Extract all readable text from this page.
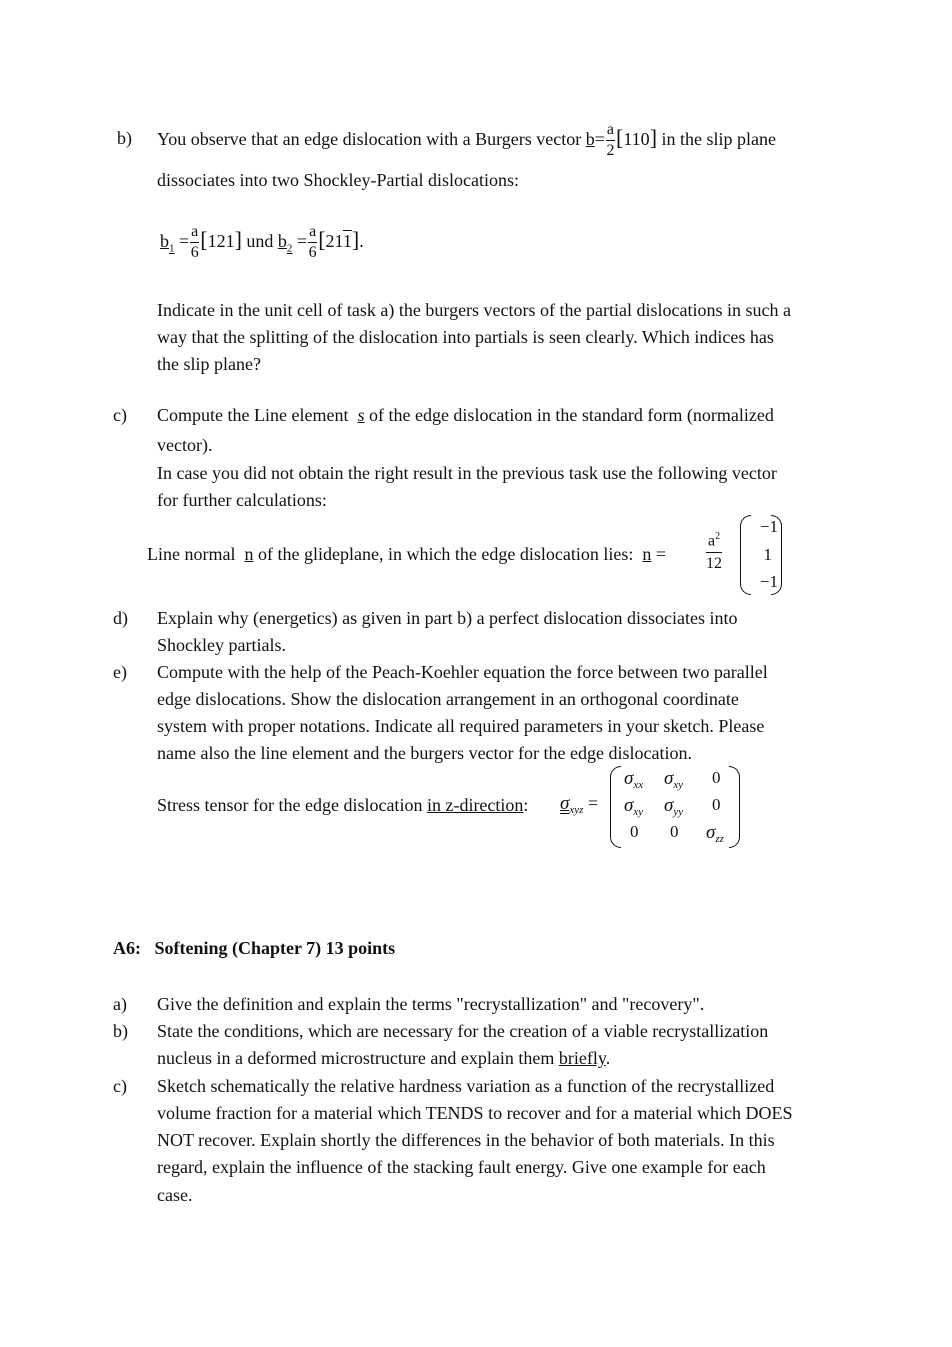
b) You observe that an edge dislocation with a Burgers vector $b= \frac{a}{2} [110]$ in the slip plane
dissociates into two Shockley-Partial dislocations:
$b_1 = \frac{a}{6} [121]$ und $b_2 = \frac{a}{6} [211]$.
Indicate in the unit cell of task a) the burgers vectors of the partial dislocations in such a
way that the splitting of the dislocation into partials is seen clearly. Which indices has
the slip plane?
c) Compute the Line element s of the edge dislocation in the standard form (normalized
vector).
In case you did not obtain the right result in the previous task use the following vector
for further calculations:
Line normal n of the glideplane, in which the edge dislocation lies: n =
$a^2$
12
−1
1
−1
d) Explain why (energetics) as given in part b) a perfect dislocation dissociates into
Shockley partials.
e) Compute with the help of the Peach-Koehler equation the force between two parallel
edge dislocations. Show the dislocation arrangement in an orthogonal coordinate
system with proper notations. Indicate all required parameters in your sketch. Please
name also the line element and the burgers vector for the edge dislocation.
Stress tensor for the edge dislocation in z-direction: $\sigma_{xyz}$ =
$\sigma_{xx}$ $\sigma_{xy}$ 0
$\sigma_{xy}$ $\sigma_{yy}$ 0
0 0 $\sigma_{zz}$
A6:   Softening (Chapter 7) 13 points
a) Give the definition and explain the terms "recrystallization" and "recovery".
b) State the conditions, which are necessary for the creation of a viable recrystallization
nucleus in a deformed microstructure and explain them briefly.
c) Sketch schematically the relative hardness variation as a function of the recrystallized
volume fraction for a material which TENDS to recover and for a material which DOES
NOT recover. Explain shortly the differences in the behavior of both materials. In this
regard, explain the influence of the stacking fault energy. Give one example for each
case.
